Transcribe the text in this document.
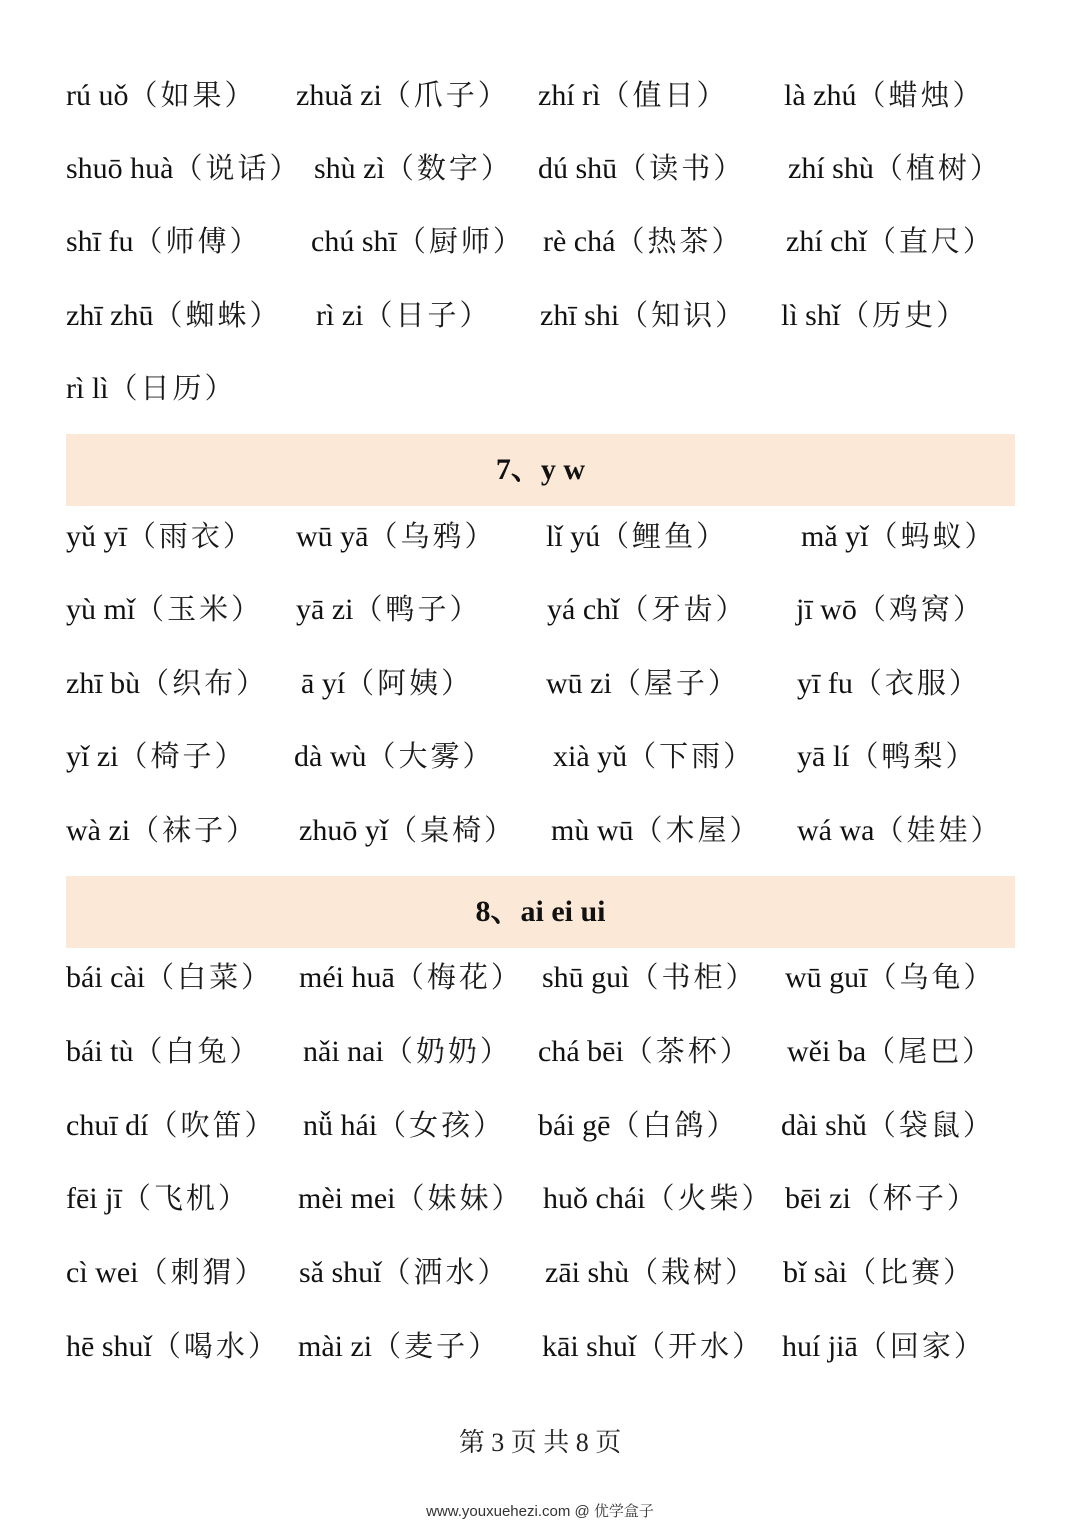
rú uǒ（如果） zhuǎ zi（爪子） zhí rì（值日） là zhú（蜡烛）
shuō huà（说话） shù zì（数字） dú shū（读书） zhí shù（植树）
shī fu（师傅） chú shī（厨师） rè chá（热茶） zhí chǐ（直尺）
zhī zhū（蜘蛛） rì zi（日子） zhī shi（知识） lì shǐ（历史）
rì lì（日历）
7、y w
yǔ yī（雨衣） wū yā（乌鸦） lǐ yú（鲤鱼） mǎ yǐ（蚂蚁）
yù mǐ（玉米） yā zi（鸭子） yá chǐ（牙齿） jī wō（鸡窝）
zhī bù（织布） ā yí（阿姨） wū zi（屋子） yī fu（衣服）
yǐ zi（椅子） dà wù（大雾） xià yǔ（下雨） yā lí（鸭梨）
wà zi（袜子） zhuō yǐ（桌椅） mù wū（木屋） wá wa（娃娃）
8、ai ei ui
bái cài（白菜） méi huā（梅花） shū guì（书柜） wū guī（乌龟）
bái tù（白兔） nǎi nai（奶奶） chá bēi（茶杯） wěi ba（尾巴）
chuī dí（吹笛） nǚ hái（女孩） bái gē（白鸽） dài shǔ（袋鼠）
fēi jī（飞机） mèi mei（妹妹） huǒ chái（火柴） bēi zi（杯子）
cì wei（刺猬） sǎ shuǐ（洒水） zāi shù（栽树） bǐ sài（比赛）
hē shuǐ（喝水） mài zi（麦子） kāi shuǐ（开水） huí jiā（回家）
第 3 页 共 8 页
www.youxuehezi.com @ 优学盒子
